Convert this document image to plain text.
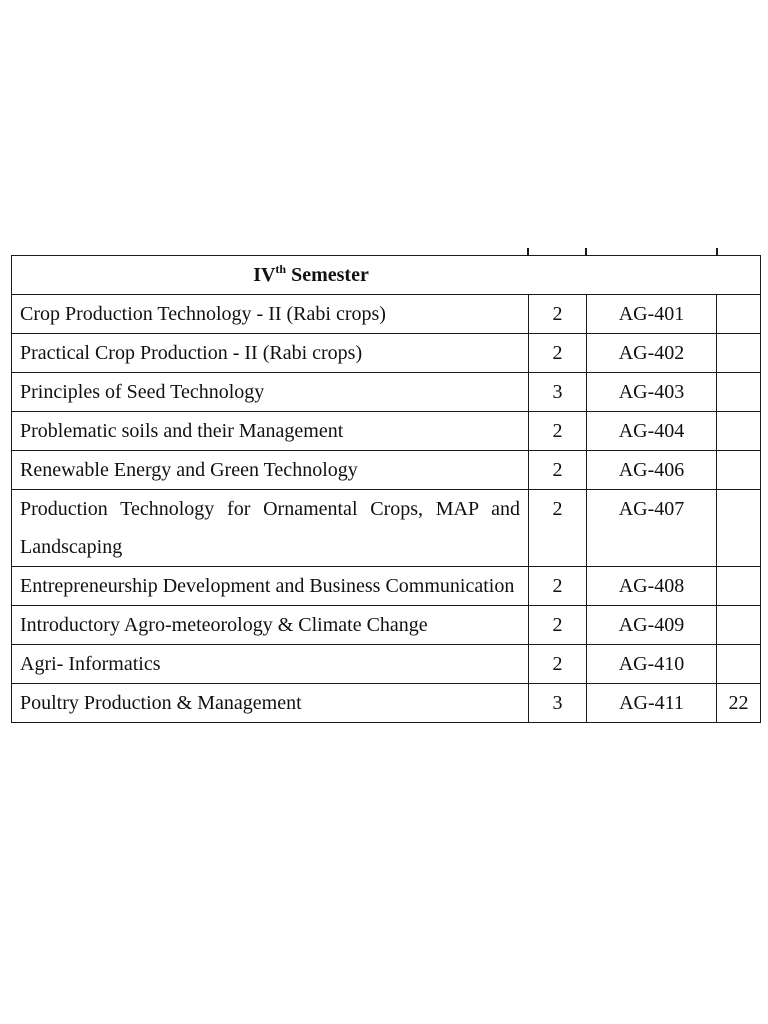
IVth Semester			
Crop Production Technology - II (Rabi crops)	2	AG-401	
Practical Crop Production - II (Rabi crops)	2	AG-402	
Principles of Seed Technology	3	AG-403	
Problematic soils and their Management	2	AG-404	
Renewable Energy and Green Technology	2	AG-406	
Production Technology for Ornamental Crops, MAP and Landscaping	2	AG-407	
Entrepreneurship Development and Business Communication	2	AG-408	
Introductory Agro-meteorology & Climate Change	2	AG-409	
Agri- Informatics	2	AG-410	
Poultry Production & Management	3	AG-411	22
